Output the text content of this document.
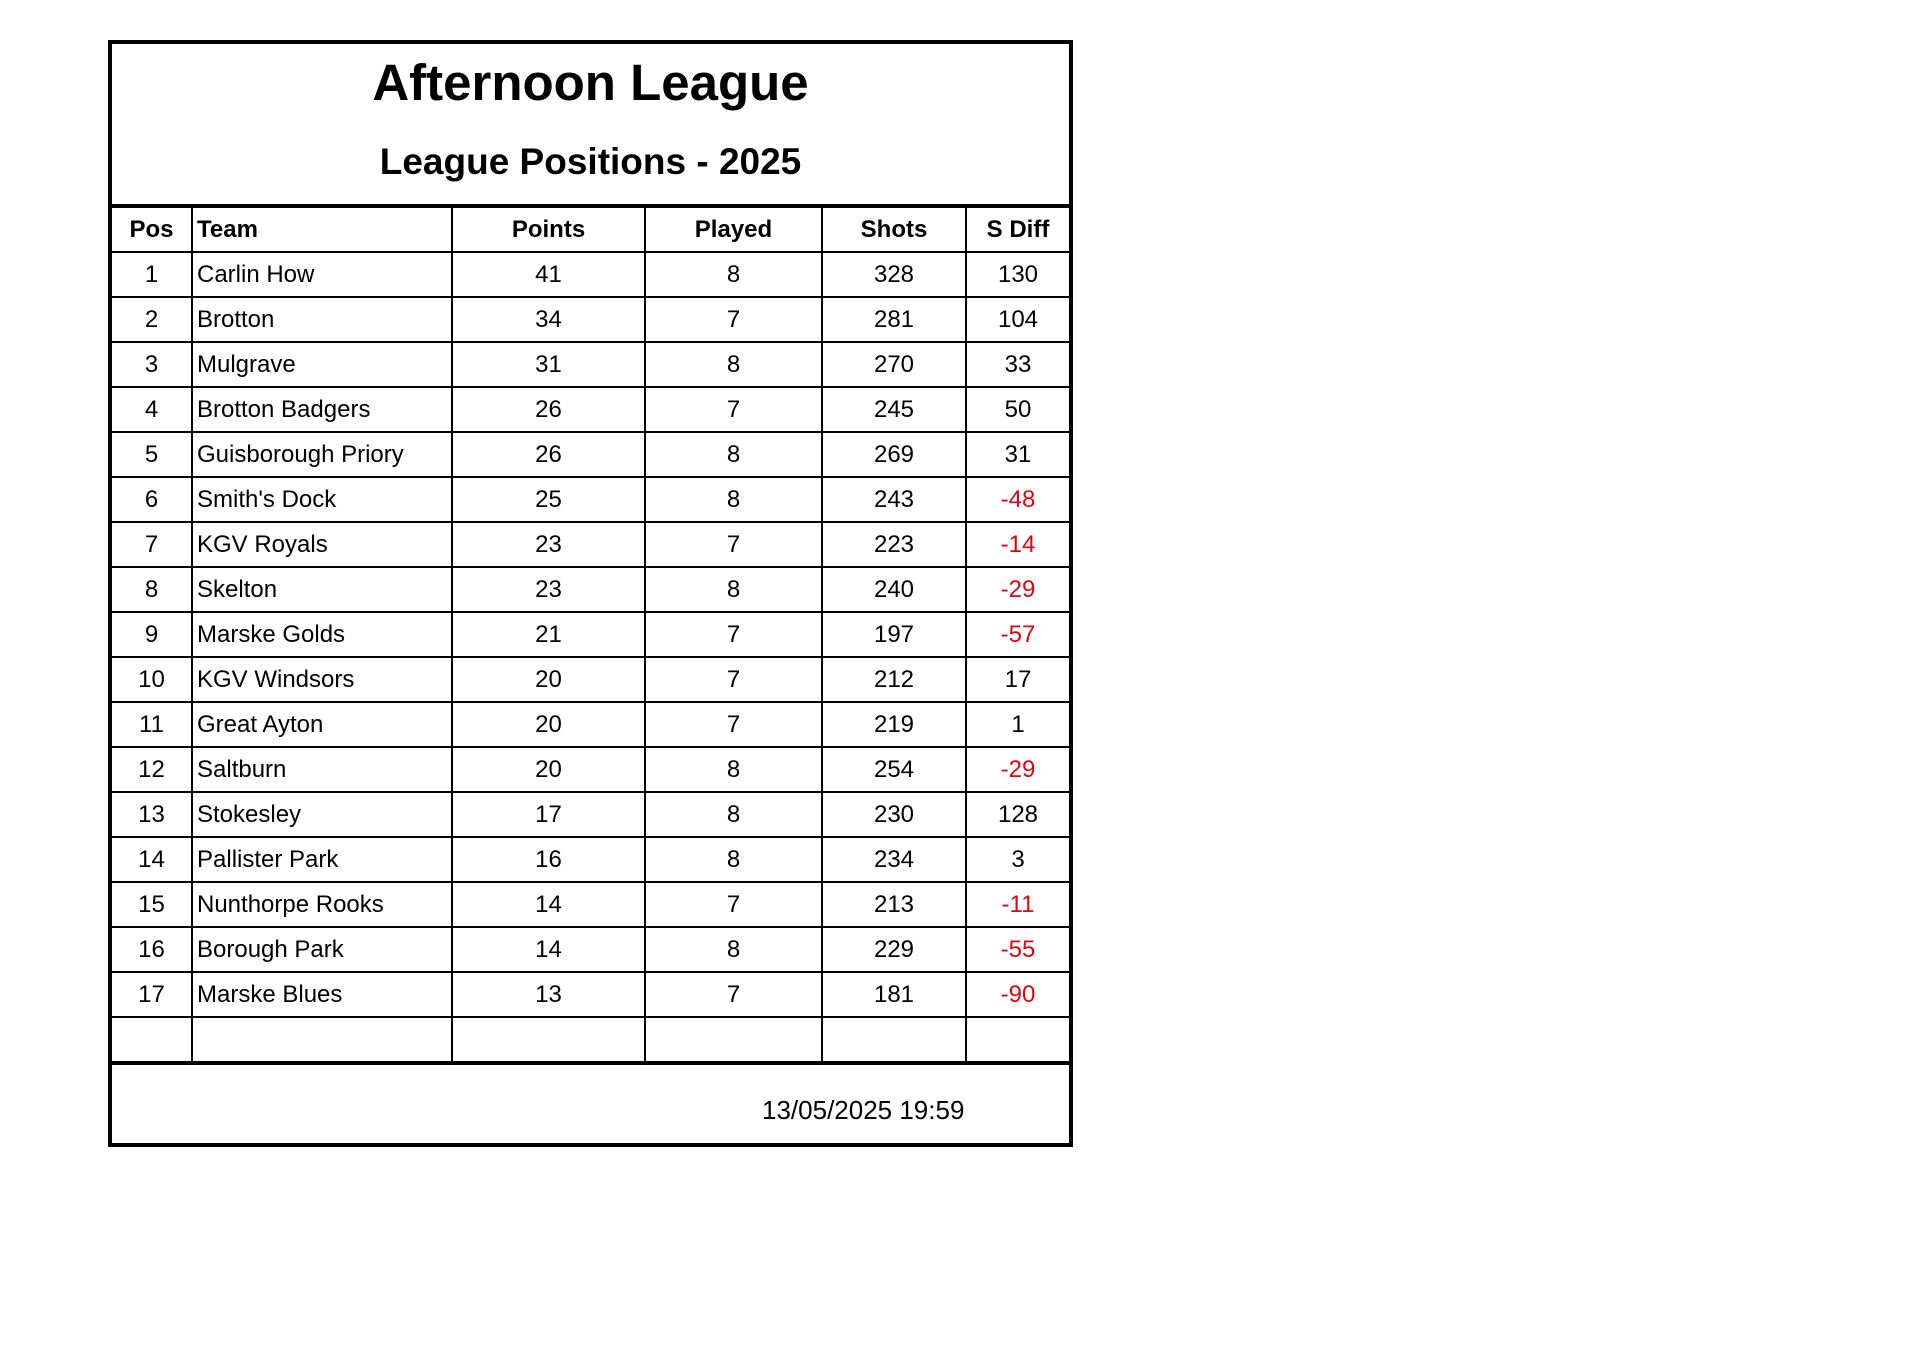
Afternoon League
League Positions - 2025
Pos	Team	Points	Played	Shots	S Diff
1	Carlin How	41	8	328	130
2	Brotton	34	7	281	104
3	Mulgrave	31	8	270	33
4	Brotton Badgers	26	7	245	50
5	Guisborough Priory	26	8	269	31
6	Smith's Dock	25	8	243	-48
7	KGV Royals	23	7	223	-14
8	Skelton	23	8	240	-29
9	Marske Golds	21	7	197	-57
10	KGV Windsors	20	7	212	17
11	Great Ayton	20	7	219	1
12	Saltburn	20	8	254	-29
13	Stokesley	17	8	230	128
14	Pallister Park	16	8	234	3
15	Nunthorpe Rooks	14	7	213	-11
16	Borough Park	14	8	229	-55
17	Marske Blues	13	7	181	-90

13/05/2025 19:59
